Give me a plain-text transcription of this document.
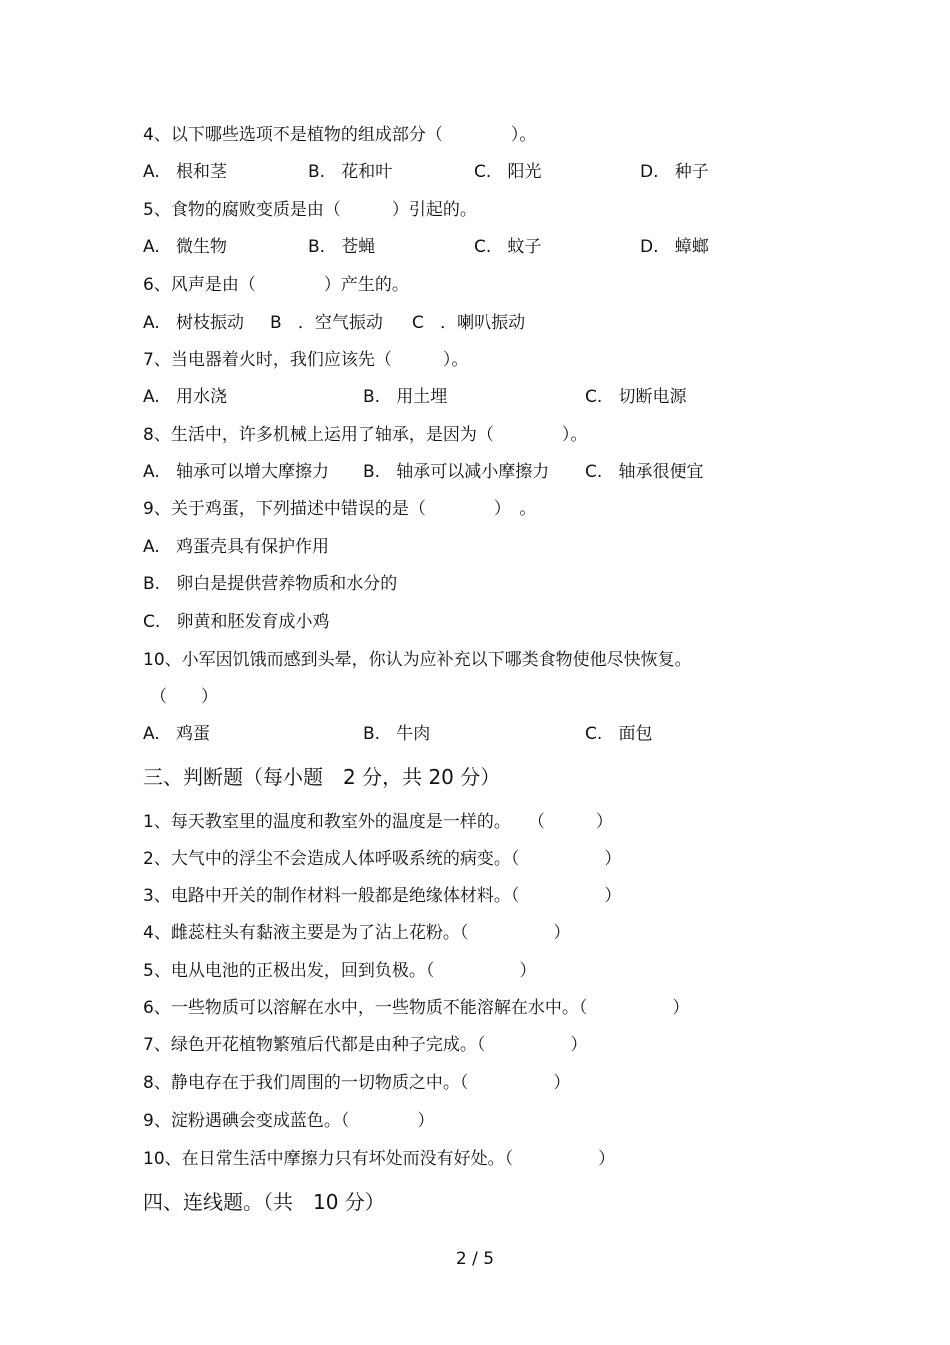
4、以下哪些选项不是植物的组成部分（　　　　）。
A.   根和茎	B.   花和叶	C.   阳光	D.   种子
5、食物的腐败变质是由（　　　）引起的。
A.   微生物	B.   苍蝇	C.   蚊子	D.   蟑螂
6、风声是由（　　　　）产生的。
A.   树枝振动 B   ．空气振动 C   ．喇叭振动
7、当电器着火时，我们应该先（　　　）。
A.   用水浇	B.   用土埋	C.   切断电源
8、生活中，许多机械上运用了轴承，是因为（　　　　）。
A.   轴承可以增大摩擦力 B.   轴承可以减小摩擦力 C.   轴承很便宜
9、关于鸡蛋，下列描述中错误的是（　　　　）　。
A.   鸡蛋壳具有保护作用
B.   卵白是提供营养物质和水分的
C.   卵黄和胚发育成小鸡
10、小军因饥饿而感到头晕，你认为应补充以下哪类食物使他尽快恢复。
（　　）
A.   鸡蛋	B.   牛肉	C.   面包
三、判断题（每小题　2 分，共 20 分）
1、每天教室里的温度和教室外的温度是一样的。　　（　　　）
2、大气中的浮尘不会造成人体呼吸系统的病变。（　　　　　）
3、电路中开关的制作材料一般都是绝缘体材料。（　　　　　）
4、雌蕊柱头有黏液主要是为了沾上花粉。（　　　　　）
5、电从电池的正极出发，回到负极。（　　　　　）
6、一些物质可以溶解在水中，一些物质不能溶解在水中。（　　　　　）
7、绿色开花植物繁殖后代都是由种子完成。（　　　　　）
8、静电存在于我们周围的一切物质之中。（　　　　　）
9、淀粉遇碘会变成蓝色。（　　　　）
10、在日常生活中摩擦力只有坏处而没有好处。（　　　　　）
四、连线题。（共　10 分）
2 / 5
